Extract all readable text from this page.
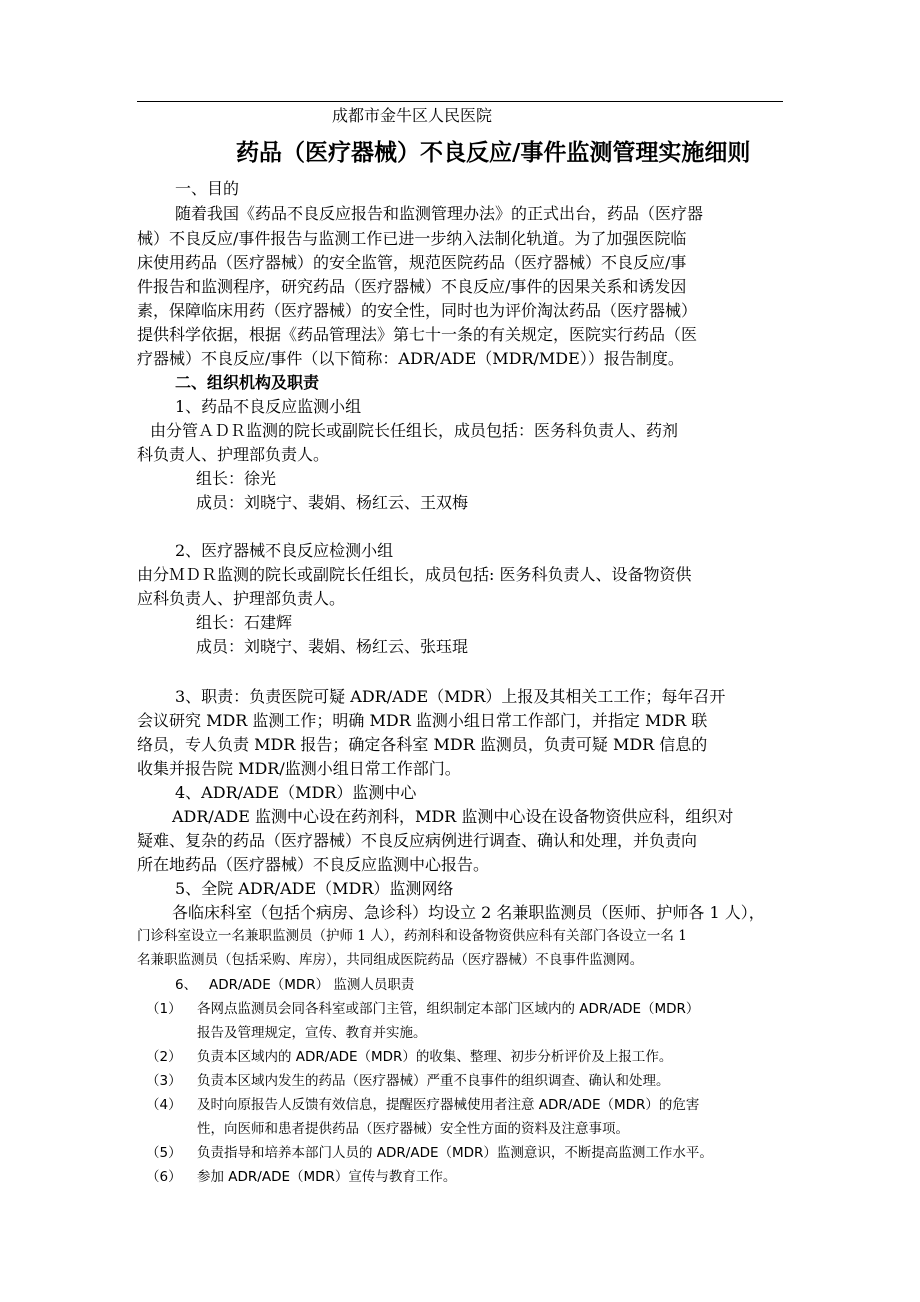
成都市金牛区人民医院
药品（医疗器械）不良反应/事件监测管理实施细则
一、目的
随着我国《药品不良反应报告和监测管理办法》的正式出台，药品（医疗器
械）不良反应/事件报告与监测工作已进一步纳入法制化轨道。为了加强医院临
床使用药品（医疗器械）的安全监管，规范医院药品（医疗器械）不良反应/事
件报告和监测程序，研究药品（医疗器械）不良反应/事件的因果关系和诱发因
素，保障临床用药（医疗器械）的安全性，同时也为评价淘汰药品（医疗器械）
提供科学依据，根据《药品管理法》第七十一条的有关规定，医院实行药品（医
疗器械）不良反应/事件（以下简称：ADR/ADE（MDR/MDE））报告制度。
二、组织机构及职责
1、药品不良反应监测小组
由分管ＡＤＲ监测的院长或副院长任组长，成员包括：医务科负责人、药剂
科负责人、护理部负责人。
组长：徐光
成员：刘晓宁、裴娟、杨红云、王双梅
2、医疗器械不良反应检测小组
由分ＭＤＲ监测的院长或副院长任组长，成员包括: 医务科负责人、设备物资供
应科负责人、护理部负责人。
组长：石建辉
成员：刘晓宁、裴娟、杨红云、张珏琨
3、职责：负责医院可疑 ADR/ADE（MDR）上报及其相关工工作；每年召开
会议研究 MDR 监测工作；明确 MDR 监测小组日常工作部门，并指定 MDR 联
络员，专人负责 MDR 报告；确定各科室 MDR 监测员，负责可疑 MDR 信息的
收集并报告院 MDR/监测小组日常工作部门。
4、ADR/ADE（MDR）监测中心
ADR/ADE 监测中心设在药剂科，MDR 监测中心设在设备物资供应科，组织对
疑难、复杂的药品（医疗器械）不良反应病例进行调查、确认和处理，并负责向
所在地药品（医疗器械）不良反应监测中心报告。
5、全院 ADR/ADE（MDR）监测网络
各临床科室（包括个病房、急诊科）均设立 2 名兼职监测员（医师、护师各 1 人），
门诊科室设立一名兼职监测员（护师 1 人），药剂科和设备物资供应科有关部门各设立一名 1
名兼职监测员（包括采购、库房），共同组成医院药品（医疗器械）不良事件监测网。
6、 ADR/ADE（MDR） 监测人员职责
（1） 各网点监测员会同各科室或部门主管，组织制定本部门区域内的 ADR/ADE（MDR）
报告及管理规定，宣传、教育并实施。
（2） 负责本区域内的 ADR/ADE（MDR）的收集、整理、初步分析评价及上报工作。
（3） 负责本区域内发生的药品（医疗器械）严重不良事件的组织调查、确认和处理。
（4） 及时向原报告人反馈有效信息，提醒医疗器械使用者注意 ADR/ADE（MDR）的危害
性，向医师和患者提供药品（医疗器械）安全性方面的资料及注意事项。
（5） 负责指导和培养本部门人员的 ADR/ADE（MDR）监测意识，不断提高监测工作水平。
（6） 参加 ADR/ADE（MDR）宣传与教育工作。
